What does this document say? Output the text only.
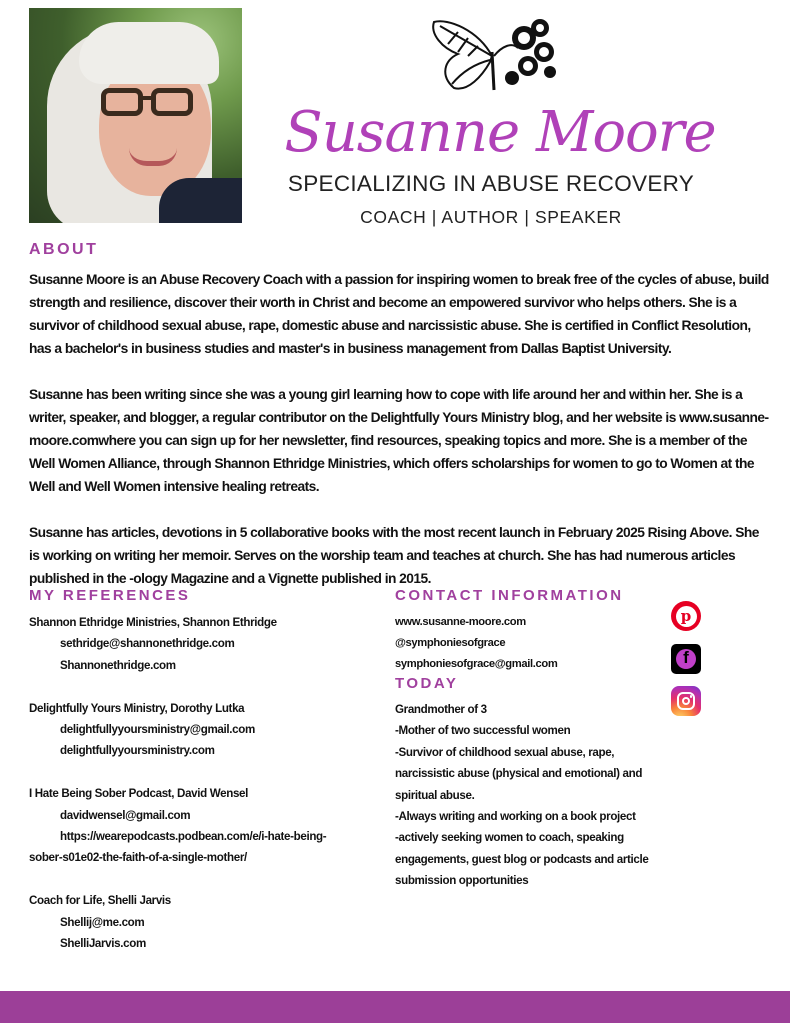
Susanne Moore
SPECIALIZING IN ABUSE RECOVERY
COACH | AUTHOR | SPEAKER
ABOUT

Susanne Moore is an Abuse Recovery Coach with a passion for inspiring women to break free of the cycles of abuse, build strength and resilience, discover their worth in Christ and become an empowered survivor who helps others. She is a survivor of childhood sexual abuse, rape, domestic abuse and narcissistic abuse. She is certified in Conflict Resolution, has a bachelor's in business studies and master's in business management from Dallas Baptist University.

Susanne has been writing since she was a young girl learning how to cope with life around her and within her. She is a writer, speaker, and blogger, a regular contributor on the Delightfully Yours Ministry blog, and her website is www.susanne-moore.comwhere you can sign up for her newsletter, find resources, speaking topics and more. She is a member of the Well Women Alliance, through Shannon Ethridge Ministries, which offers scholarships for women to go to Women at the Well and Well Women intensive healing retreats.

Susanne has articles, devotions in 5 collaborative books with the most recent launch in February 2025 Rising Above. She is working on writing her memoir. Serves on the worship team and teaches at church. She has had numerous articles published in the -ology Magazine and a Vignette published in 2015.

MY REFERENCES
Shannon Ethridge Ministries, Shannon Ethridge
sethridge@shannonethridge.com
Shannonethridge.com
Delightfully Yours Ministry, Dorothy Lutka
delightfullyyoursministry@gmail.com
delightfullyyoursministry.com
I Hate Being Sober Podcast, David Wensel
davidwensel@gmail.com
https://wearepodcasts.podbean.com/e/i-hate-being-
sober-s01e02-the-faith-of-a-single-mother/
Coach for Life, Shelli Jarvis
Shellij@me.com
ShelliJarvis.com
CONTACT INFORMATION
www.susanne-moore.com
@symphoniesofgrace
symphoniesofgrace@gmail.com
TODAY
Grandmother of 3
-Mother of two successful women
-Survivor of childhood sexual abuse, rape,
narcissistic abuse (physical and emotional) and
spiritual abuse.
-Always writing and working on a book project
-actively seeking women to coach, speaking
engagements, guest blog or podcasts and article
submission opportunities
p
f
